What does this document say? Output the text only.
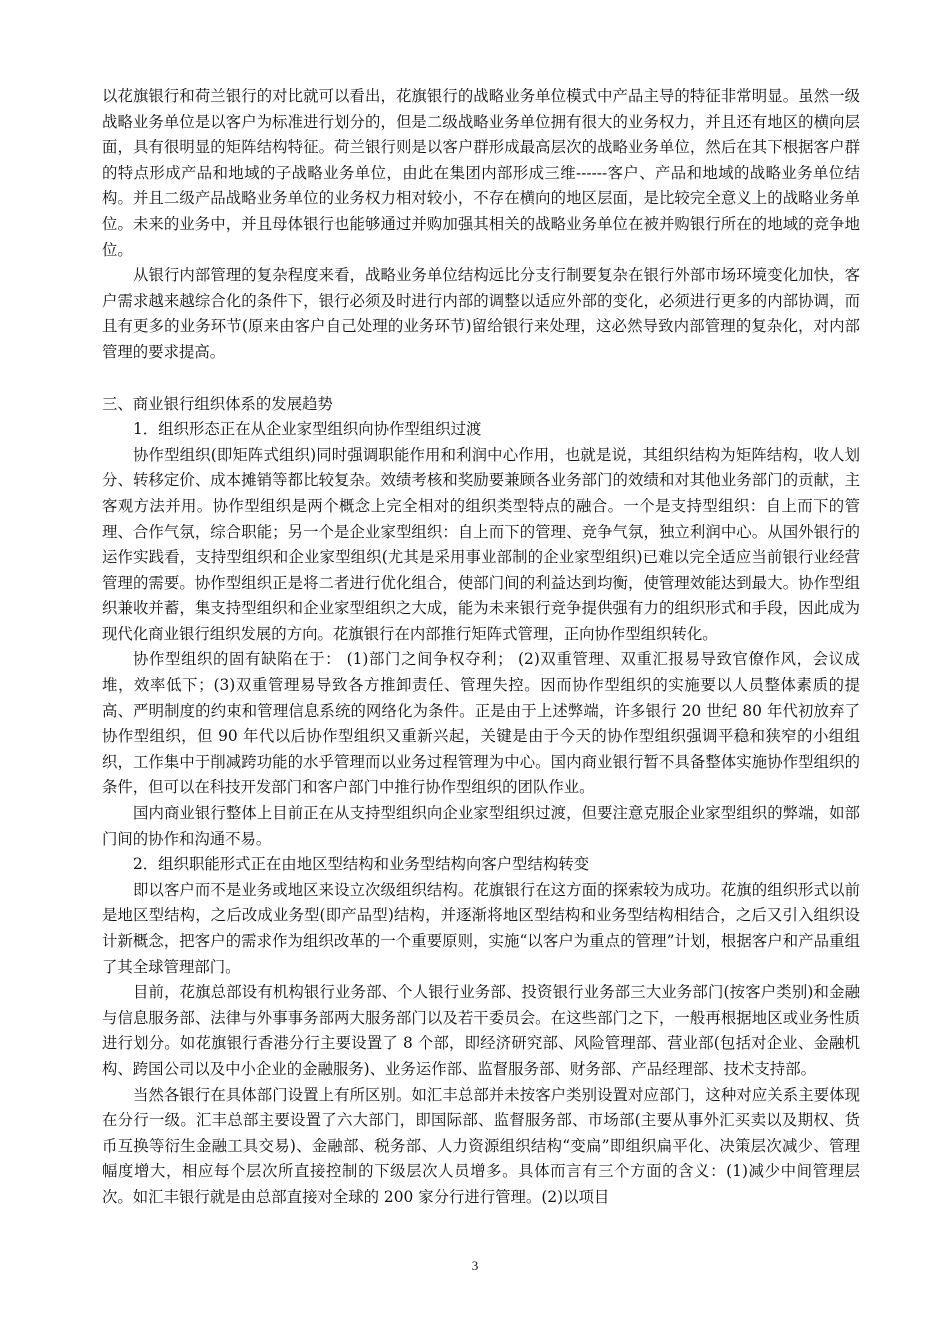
以花旗银行和荷兰银行的对比就可以看出，花旗银行的战略业务单位模式中产品主导的特征非常明显。虽然一级战略业务单位是以客户为标准进行划分的，但是二级战略业务单位拥有很大的业务权力，并且还有地区的横向层面，具有很明显的矩阵结构特征。荷兰银行则是以客户群形成最高层次的战略业务单位，然后在其下根据客户群的特点形成产品和地域的子战略业务单位，由此在集团内部形成三维------客户、产品和地域的战略业务单位结构。并且二级产品战略业务单位的业务权力相对较小，不存在横向的地区层面，是比较完全意义上的战略业务单位。未来的业务中，并且母体银行也能够通过并购加强其相关的战略业务单位在被并购银行所在的地域的竞争地位。

从银行内部管理的复杂程度来看，战略业务单位结构远比分支行制要复杂在银行外部市场环境变化加快，客户需求越来越综合化的条件下，银行必须及时进行内部的调整以适应外部的变化，必须进行更多的内部协调，而且有更多的业务环节(原来由客户自己处理的业务环节)留给银行来处理，这必然导致内部管理的复杂化，对内部管理的要求提高。

三、商业银行组织体系的发展趋势

1．组织形态正在从企业家型组织向协作型组织过渡

协作型组织(即矩阵式组织)同时强调职能作用和利润中心作用，也就是说，其组织结构为矩阵结构，收人划分、转移定价、成本摊销等都比较复杂。效绩考核和奖励要兼顾各业务部门的效绩和对其他业务部门的贡献，主客观方法并用。协作型组织是两个概念上完全相对的组织类型特点的融合。一个是支持型组织：自上而下的管理、合作气氛，综合职能；另一个是企业家型组织：自上而下的管理、竞争气氛，独立利润中心。从国外银行的运作实践看，支持型组织和企业家型组织(尤其是采用事业部制的企业家型组织)已难以完全适应当前银行业经营管理的需要。协作型组织正是将二者进行优化组合，使部门间的利益达到均衡，使管理效能达到最大。协作型组织兼收并蓄，集支持型组织和企业家型组织之大成，能为未来银行竞争提供强有力的组织形式和手段，因此成为现代化商业银行组织发展的方向。花旗银行在内部推行矩阵式管理，正向协作型组织转化。

协作型组织的固有缺陷在于： (1)部门之间争权夺利； (2)双重管理、双重汇报易导致官僚作风，会议成堆，效率低下；(3)双重管理易导致各方推卸责任、管理失控。因而协作型组织的实施要以人员整体素质的提高、严明制度的约束和管理信息系统的网络化为条件。正是由于上述弊端，许多银行 20 世纪 80 年代初放弃了协作型组织，但 90 年代以后协作型组织又重新兴起，关键是由于今天的协作型组织强调平稳和狭窄的小组组织，工作集中于削减跨功能的水乎管理而以业务过程管理为中心。国内商业银行暂不具备整体实施协作型组织的条件，但可以在科技开发部门和客户部门中推行协作型组织的团队作业。

国内商业银行整体上目前正在从支持型组织向企业家型组织过渡，但要注意克服企业家型组织的弊端，如部门间的协作和沟通不易。

2．组织职能形式正在由地区型结构和业务型结构向客户型结构转变

即以客户而不是业务或地区来设立次级组织结构。花旗银行在这方面的探索较为成功。花旗的组织形式以前是地区型结构，之后改成业务型(即产品型)结构，并逐渐将地区型结构和业务型结构相结合，之后又引入组织设计新概念，把客户的需求作为组织改革的一个重要原则，实施“以客户为重点的管理”计划，根据客户和产品重组了其全球管理部门。

目前，花旗总部设有机构银行业务部、个人银行业务部、投资银行业务部三大业务部门(按客户类别)和金融与信息服务部、法律与外事事务部两大服务部门以及若干委员会。在这些部门之下，一般再根据地区或业务性质进行划分。如花旗银行香港分行主要设置了 8 个部，即经济研究部、风险管理部、营业部(包括对企业、金融机构、跨国公司以及中小企业的金融服务)、业务运作部、监督服务部、财务部、产品经理部、技术支持部。

当然各银行在具体部门设置上有所区别。如汇丰总部并未按客户类别设置对应部门，这种对应关系主要体现在分行一级。汇丰总部主要设置了六大部门，即国际部、监督服务部、市场部(主要从事外汇买卖以及期权、货币互换等衍生金融工具交易)、金融部、税务部、人力资源组织结构“变扁”即组织扁平化、决策层次减少、管理幅度增大，相应每个层次所直接控制的下级层次人员增多。具体而言有三个方面的含义：(1)减少中间管理层次。如汇丰银行就是由总部直接对全球的 200 家分行进行管理。(2)以项目

3
